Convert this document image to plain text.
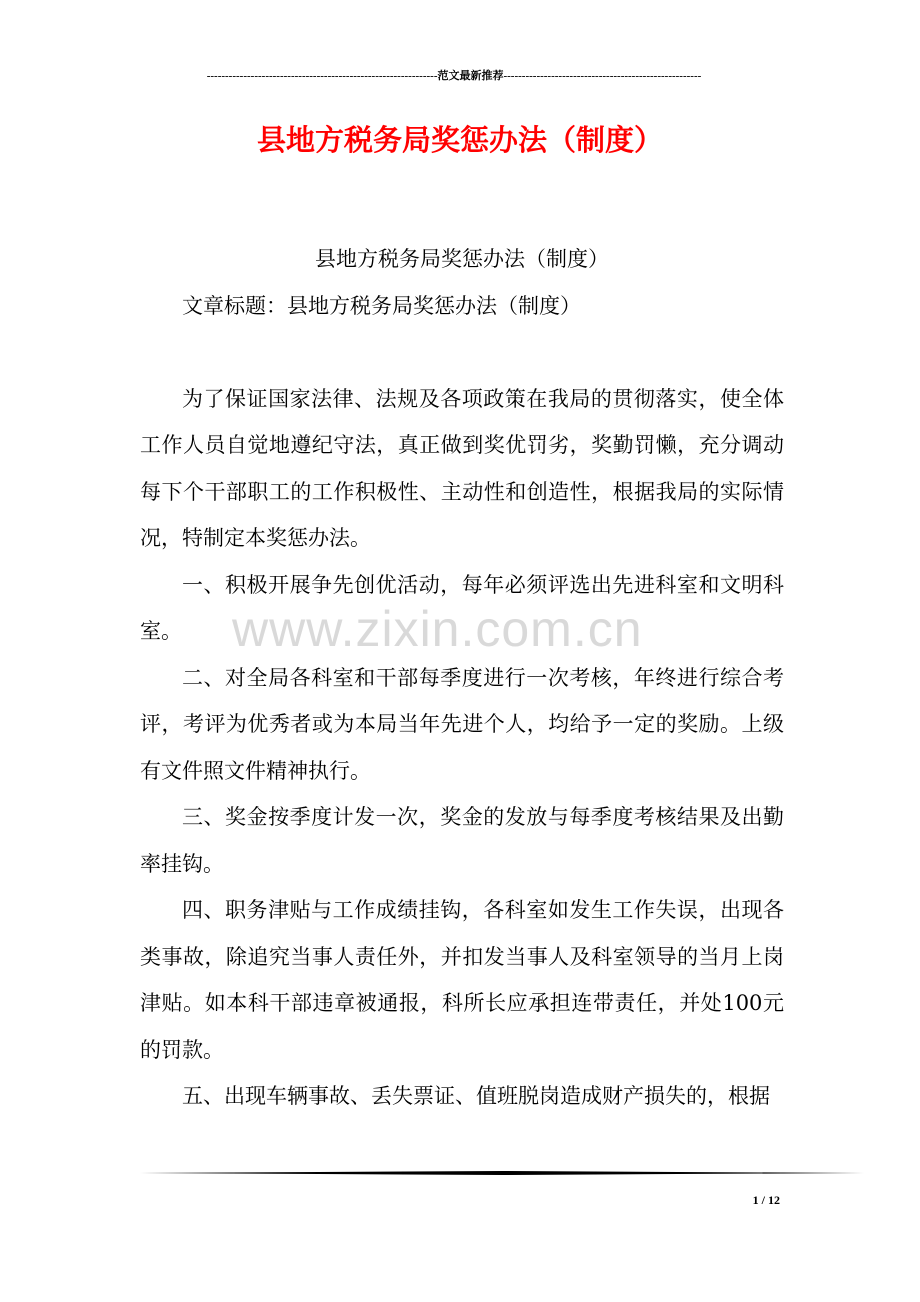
---------------------------------------------------------------范文最新推荐------------------------------------------------------
县地方税务局奖惩办法（制度）

县地方税务局奖惩办法（制度）

文章标题：县地方税务局奖惩办法（制度）

为了保证国家法律、法规及各项政策在我局的贯彻落实，使全体工作人员自觉地遵纪守法，真正做到奖优罚劣，奖勤罚懒，充分调动每下个干部职工的工作积极性、主动性和创造性，根据我局的实际情况，特制定本奖惩办法。

一、积极开展争先创优活动，每年必须评选出先进科室和文明科室。

二、对全局各科室和干部每季度进行一次考核，年终进行综合考评，考评为优秀者或为本局当年先进个人，均给予一定的奖励。上级有文件照文件精神执行。

三、奖金按季度计发一次，奖金的发放与每季度考核结果及出勤率挂钩。

四、职务津贴与工作成绩挂钩，各科室如发生工作失误，出现各类事故，除追究当事人责任外，并扣发当事人及科室领导的当月上岗津贴。如本科干部违章被通报，科所长应承担连带责任，并处100元的罚款。

五、出现车辆事故、丢失票证、值班脱岗造成财产损失的，根据

www.zixin.com.cn
1 / 12
